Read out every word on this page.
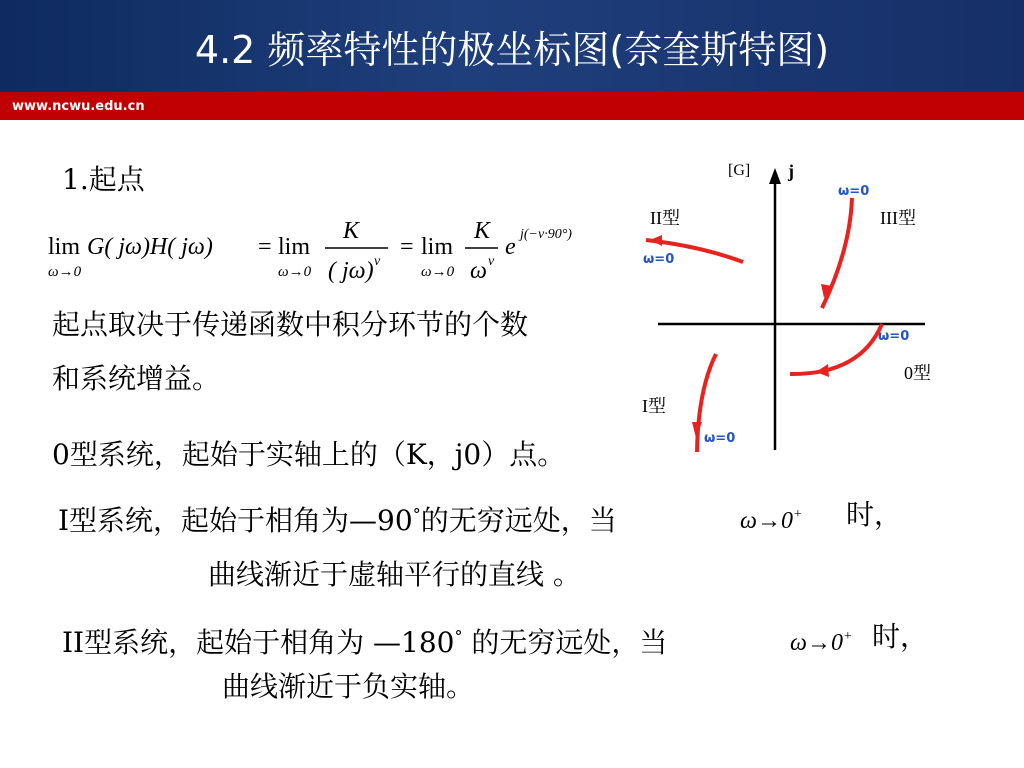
4.2 频率特性的极坐标图(奈奎斯特图)
www.ncwu.edu.cn
1.起点
lim
ω→0
G( jω)H( jω) = lim
ω→0
K
( jω) ν
= lim
ω→0
K
ω ν
e j(−ν·90°)
起点取决于传递函数中积分环节的个数
和系统增益。
0型系统，起始于实轴上的（K，j0）点。
I型系统，起始于相角为—90°的无穷远处，当	ω→0+ 时，
曲线渐近于虚轴平行的直线 。
II型系统，起始于相角为 —180° 的无穷远处，当	ω→0+ 时，
曲线渐近于负实轴。
[G] j
II型
ω=0
III型
ω=0
0型
ω=0
I型
ω=0
